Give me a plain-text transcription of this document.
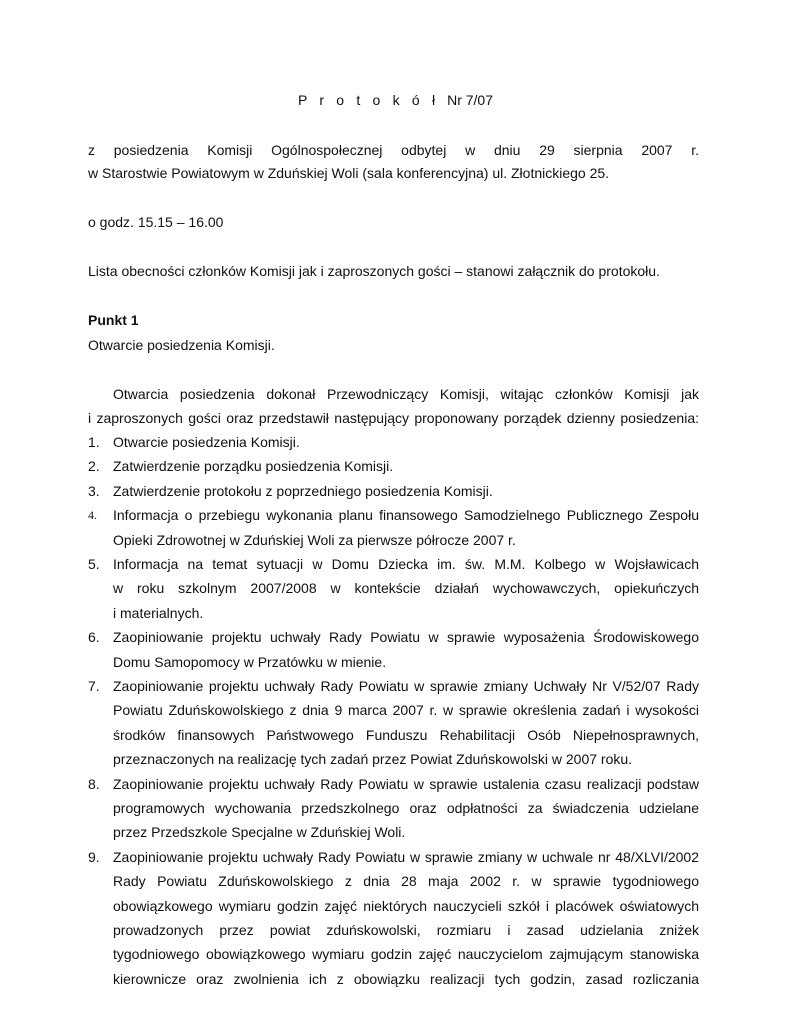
P r o t o k ó ł Nr 7/07
z posiedzenia Komisji Ogólnospołecznej odbytej w dniu 29 sierpnia 2007 r.
w Starostwie Powiatowym w Zduńskiej Woli (sala konferencyjna) ul. Złotnickiego 25.
o godz. 15.15 – 16.00
Lista obecności członków Komisji jak i zaproszonych gości – stanowi załącznik do protokołu.
Punkt 1
Otwarcie posiedzenia Komisji.
Otwarcia posiedzenia dokonał Przewodniczący Komisji, witając członków Komisji jak
i zaproszonych gości oraz przedstawił następujący proponowany porządek dzienny posiedzenia:
1. Otwarcie posiedzenia Komisji.
2. Zatwierdzenie porządku posiedzenia Komisji.
3. Zatwierdzenie protokołu z poprzedniego posiedzenia Komisji.
4.	Informacja o przebiegu wykonania planu finansowego Samodzielnego Publicznego Zespołu
Opieki Zdrowotnej w Zduńskiej Woli za pierwsze półrocze 2007 r.
5. Informacja na temat sytuacji w Domu Dziecka im. św. M.M. Kolbego w Wojsławicach
w roku szkolnym 2007/2008 w kontekście działań wychowawczych, opiekuńczych
i materialnych.
6. Zaopiniowanie projektu uchwały Rady Powiatu w sprawie wyposażenia Środowiskowego
Domu Samopomocy w Przatówku w mienie.
7. Zaopiniowanie projektu uchwały Rady Powiatu w sprawie zmiany Uchwały Nr V/52/07 Rady
Powiatu Zduńskowolskiego z dnia 9 marca 2007 r. w sprawie określenia zadań i wysokości
środków finansowych Państwowego Funduszu Rehabilitacji Osób Niepełnosprawnych,
przeznaczonych na realizację tych zadań przez Powiat Zduńskowolski w 2007 roku.
8. Zaopiniowanie projektu uchwały Rady Powiatu w sprawie ustalenia czasu realizacji podstaw
programowych wychowania przedszkolnego oraz odpłatności za świadczenia udzielane
przez Przedszkole Specjalne w Zduńskiej Woli.
9. Zaopiniowanie projektu uchwały Rady Powiatu w sprawie zmiany w uchwale nr 48/XLVI/2002
Rady Powiatu Zduńskowolskiego z dnia 28 maja 2002 r. w sprawie tygodniowego
obowiązkowego wymiaru godzin zajęć niektórych nauczycieli szkół i placówek oświatowych
prowadzonych przez powiat zduńskowolski, rozmiaru i zasad udzielania zniżek
tygodniowego obowiązkowego wymiaru godzin zajęć nauczycielom zajmującym stanowiska
kierownicze oraz zwolnienia ich z obowiązku realizacji tych godzin, zasad rozliczania
